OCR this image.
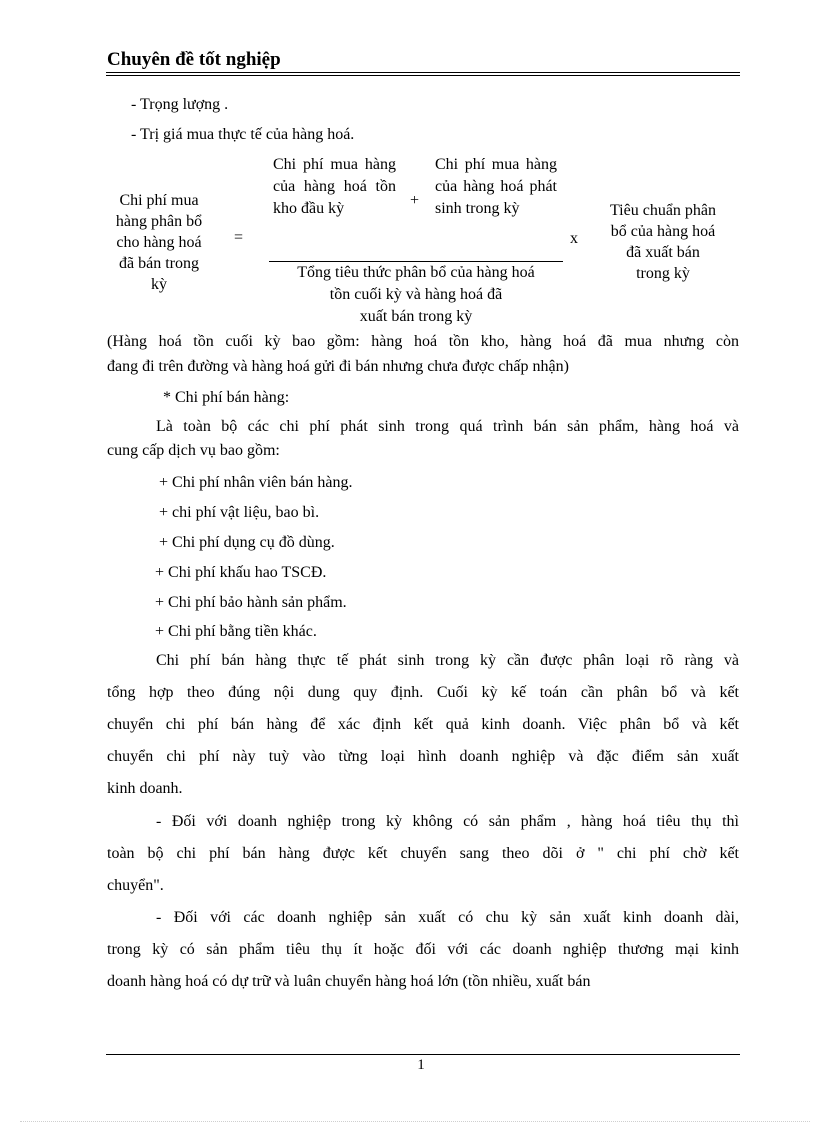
Chuyên đề tốt nghiệp
- Trọng lượng .
- Trị giá mua thực tế của hàng hoá.
Chi phí mua
hàng phân bổ
cho hàng hoá
đã bán trong
kỳ
=
Chi phí mua hàng của hàng hoá tồn kho đầu kỳ	+
Chi phí mua hàng của hàng hoá phát sinh trong kỳ
Tổng tiêu thức phân bổ của hàng hoá
tồn cuối kỳ và hàng hoá đã
xuất bán trong kỳ
x
Tiêu chuẩn phân
bổ của hàng hoá
đã xuất bán
trong kỳ
(Hàng hoá tồn cuối kỳ bao gồm: hàng hoá tồn kho, hàng hoá đã mua nhưng còn
đang đi trên đường và hàng hoá gửi đi bán nhưng chưa được chấp nhận)
* Chi phí bán hàng:
Là toàn bộ các chi phí phát sinh trong quá trình bán sản phẩm, hàng hoá và
cung cấp dịch vụ bao gồm:
+ Chi phí nhân viên bán hàng.
+ chi phí vật liệu, bao bì.
+ Chi phí dụng cụ đồ dùng.
+ Chi phí khấu hao TSCĐ.
+ Chi phí bảo hành sản phẩm.
+ Chi phí bằng tiền khác.
Chi phí bán hàng thực tế phát sinh trong kỳ cần được phân loại rõ ràng và
tổng hợp theo đúng nội dung quy định. Cuối kỳ kế toán cần phân bổ và kết
chuyển chi phí bán hàng để xác định kết quả kinh doanh. Việc phân bổ và kết
chuyển chi phí này tuỳ vào từng loại hình doanh nghiệp và đặc điểm sản xuất
kinh doanh.
- Đối với doanh nghiệp trong kỳ không có sản phẩm , hàng hoá tiêu thụ thì
toàn bộ chi phí bán hàng được kết chuyển sang theo dõi ở " chi phí chờ kết
chuyển".
- Đối với các doanh nghiệp sản xuất có chu kỳ sản xuất kinh doanh dài,
trong kỳ có sản phẩm tiêu thụ ít hoặc đối với các doanh nghiệp thương mại kinh
doanh hàng hoá có dự trữ và luân chuyển hàng hoá lớn (tồn nhiều, xuất bán
1
